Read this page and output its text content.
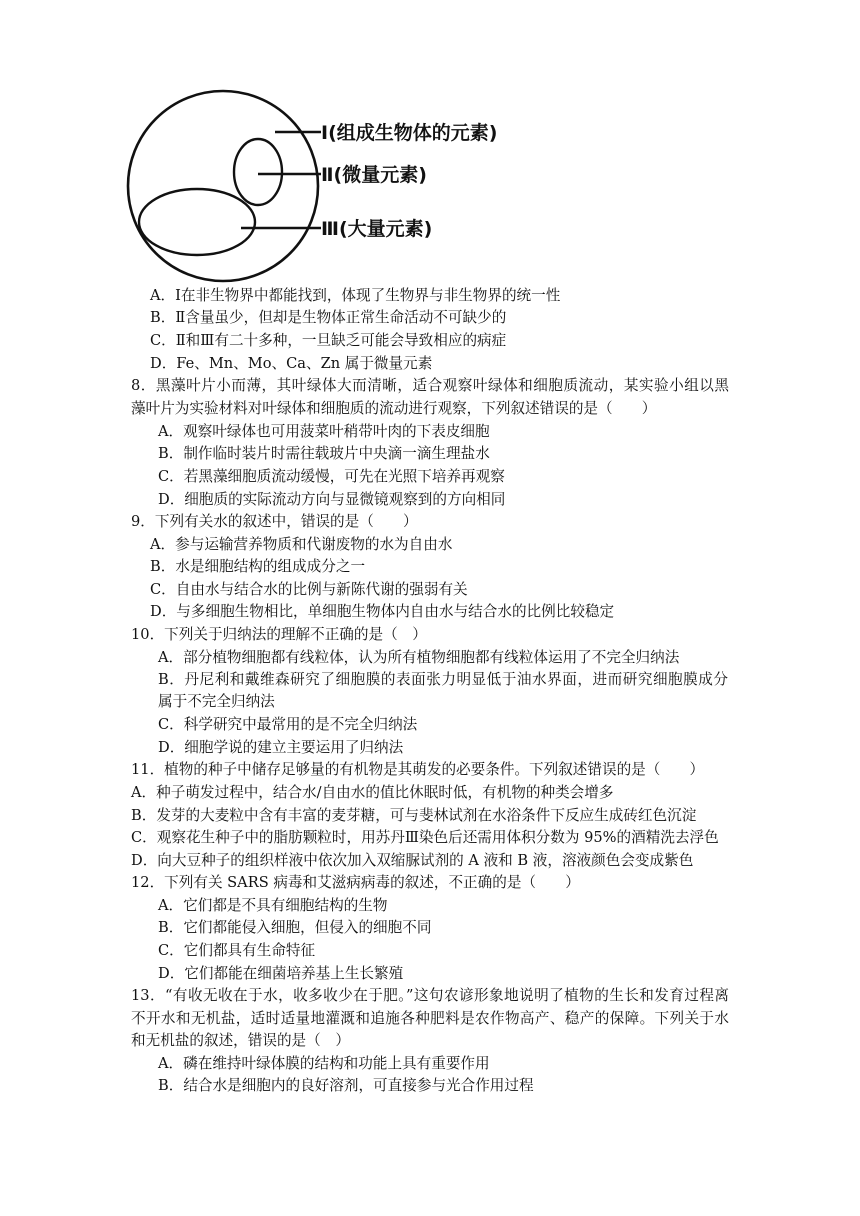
Ⅰ(组成生物体的元素)
Ⅱ(微量元素)
Ⅲ(大量元素)
A．Ⅰ在非生物界中都能找到，体现了生物界与非生物界的统一性
B．Ⅱ含量虽少，但却是生物体正常生命活动不可缺少的
C．Ⅱ和Ⅲ有二十多种，一旦缺乏可能会导致相应的病症
D．Fe、Mn、Mo、Ca、Zn 属于微量元素
8．黑藻叶片小而薄，其叶绿体大而清晰，适合观察叶绿体和细胞质流动，某实验小组以黑
藻叶片为实验材料对叶绿体和细胞质的流动进行观察，下列叙述错误的是（　　）
A．观察叶绿体也可用菠菜叶稍带叶肉的下表皮细胞
B．制作临时装片时需往载玻片中央滴一滴生理盐水
C．若黑藻细胞质流动缓慢，可先在光照下培养再观察
D．细胞质的实际流动方向与显微镜观察到的方向相同
9．下列有关水的叙述中，错误的是（　　）
A．参与运输营养物质和代谢废物的水为自由水
B．水是细胞结构的组成成分之一
C．自由水与结合水的比例与新陈代谢的强弱有关
D．与多细胞生物相比，单细胞生物体内自由水与结合水的比例比较稳定
10．下列关于归纳法的理解不正确的是（　）
A．部分植物细胞都有线粒体，认为所有植物细胞都有线粒体运用了不完全归纳法
B．丹尼利和戴维森研究了细胞膜的表面张力明显低于油水界面，进而研究细胞膜成分
属于不完全归纳法
C．科学研究中最常用的是不完全归纳法
D．细胞学说的建立主要运用了归纳法
11．植物的种子中储存足够量的有机物是其萌发的必要条件。下列叙述错误的是（　　）
A．种子萌发过程中，结合水/自由水的值比休眠时低，有机物的种类会增多
B．发芽的大麦粒中含有丰富的麦芽糖，可与斐林试剂在水浴条件下反应生成砖红色沉淀
C．观察花生种子中的脂肪颗粒时，用苏丹Ⅲ染色后还需用体积分数为 95%的酒精洗去浮色
D．向大豆种子的组织样液中依次加入双缩脲试剂的 A 液和 B 液，溶液颜色会变成紫色
12．下列有关 SARS 病毒和艾滋病病毒的叙述，不正确的是（　　）
A．它们都是不具有细胞结构的生物
B．它们都能侵入细胞，但侵入的细胞不同
C．它们都具有生命特征
D．它们都能在细菌培养基上生长繁殖
13．“有收无收在于水，收多收少在于肥。”这句农谚形象地说明了植物的生长和发育过程离
不开水和无机盐，适时适量地灌溉和追施各种肥料是农作物高产、稳产的保障。下列关于水
和无机盐的叙述，错误的是（　）
A．磷在维持叶绿体膜的结构和功能上具有重要作用
B．结合水是细胞内的良好溶剂，可直接参与光合作用过程
